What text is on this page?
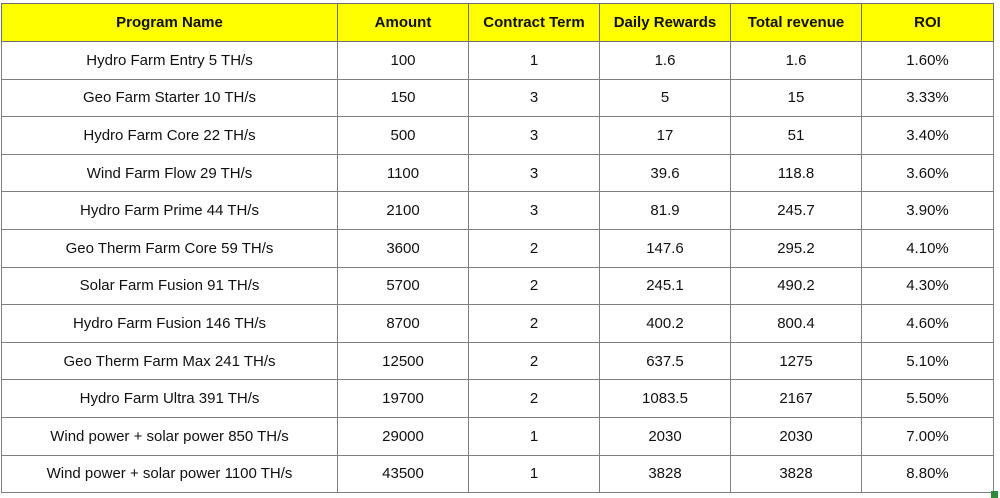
Program Name	Amount	Contract Term	Daily Rewards	Total revenue	ROI
Hydro Farm Entry 5 TH/s	100	1	1.6	1.6	1.60%
Geo Farm Starter 10 TH/s	150	3	5	15	3.33%
Hydro Farm Core 22 TH/s	500	3	17	51	3.40%
Wind Farm Flow 29 TH/s	1100	3	39.6	118.8	3.60%
Hydro Farm Prime 44 TH/s	2100	3	81.9	245.7	3.90%
Geo Therm Farm Core 59 TH/s	3600	2	147.6	295.2	4.10%
Solar Farm Fusion 91 TH/s	5700	2	245.1	490.2	4.30%
Hydro Farm Fusion 146 TH/s	8700	2	400.2	800.4	4.60%
Geo Therm Farm Max 241 TH/s	12500	2	637.5	1275	5.10%
Hydro Farm Ultra 391 TH/s	19700	2	1083.5	2167	5.50%
Wind power + solar power 850 TH/s	29000	1	2030	2030	7.00%
Wind power + solar power 1100 TH/s	43500	1	3828	3828	8.80%
